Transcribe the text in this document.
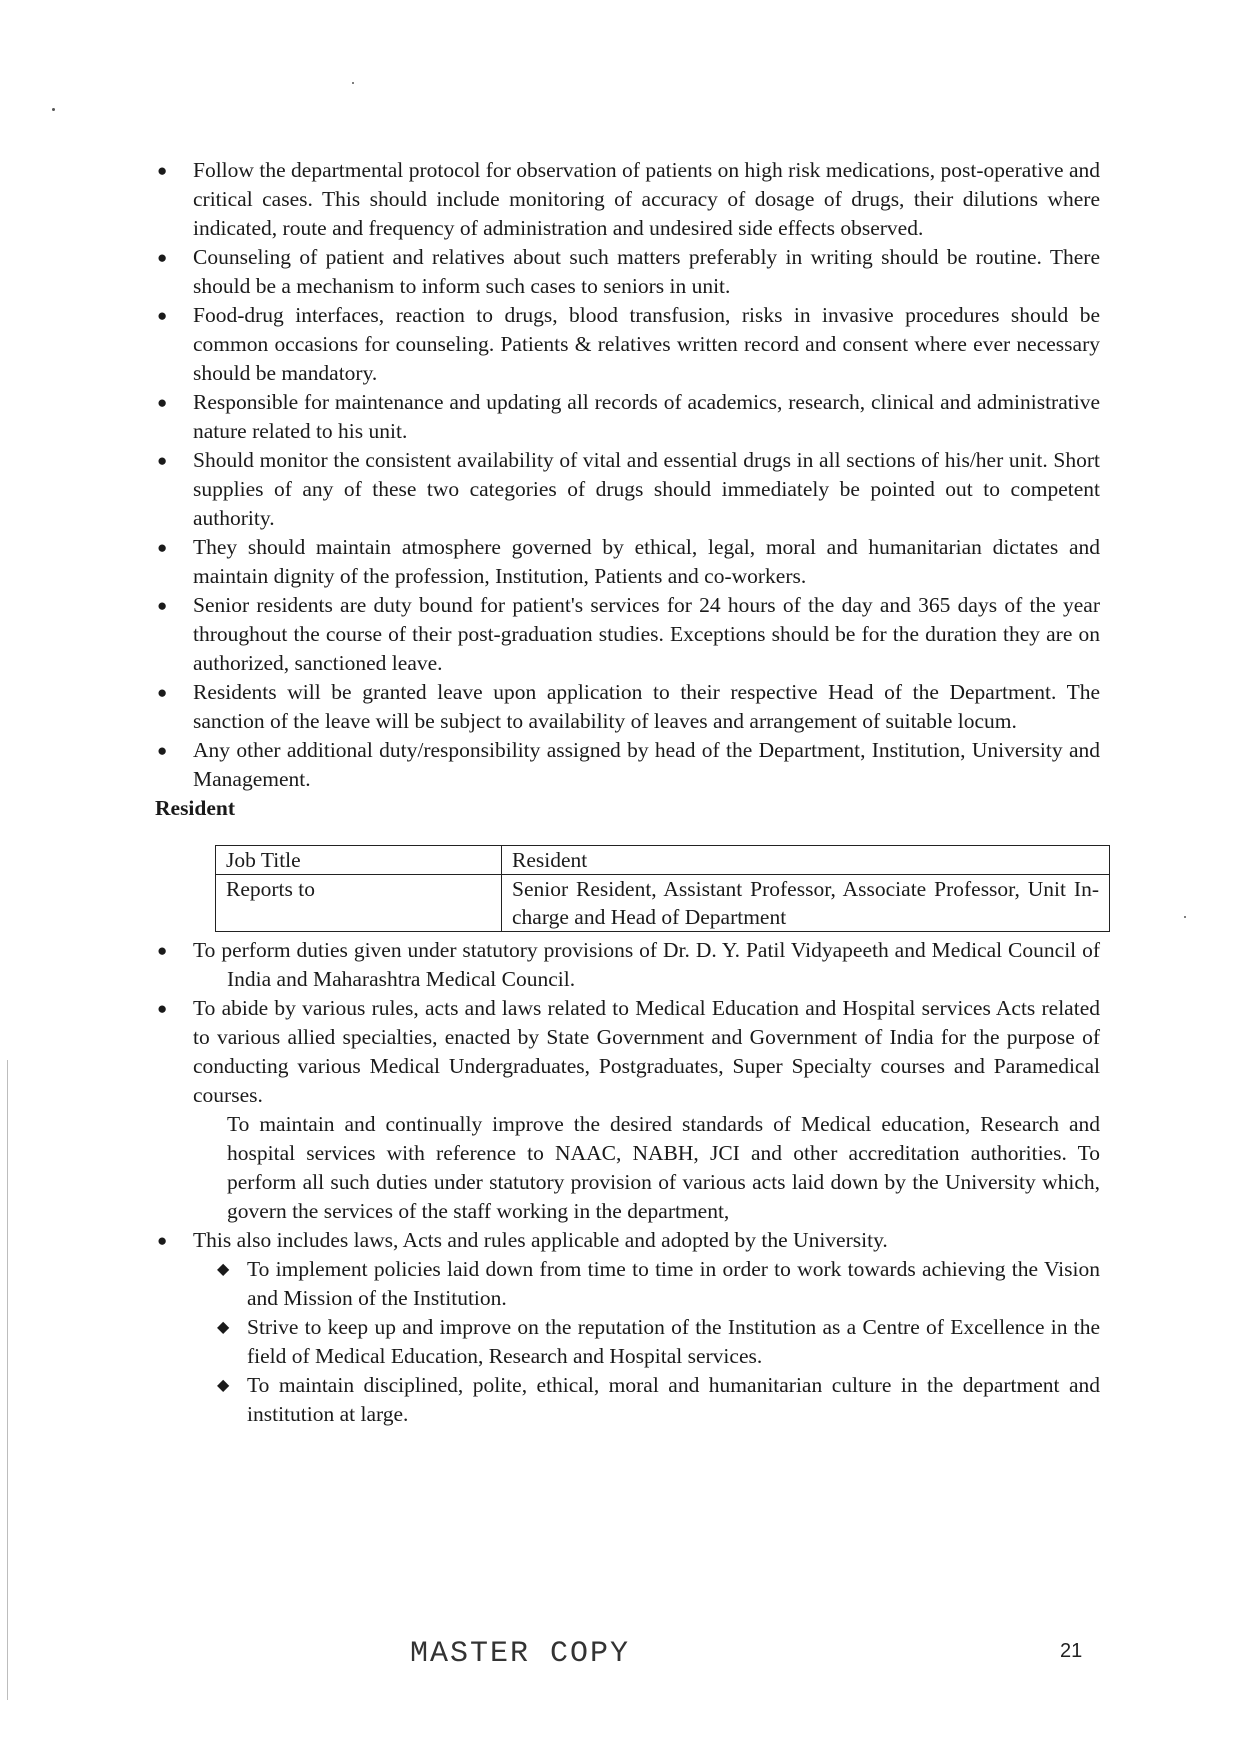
● Follow the departmental protocol for observation of patients on high risk medications, post-operative and critical cases. This should include monitoring of accuracy of dosage of drugs, their dilutions where indicated, route and frequency of administration and undesired side effects observed.
● Counseling of patient and relatives about such matters preferably in writing should be routine. There should be a mechanism to inform such cases to seniors in unit.
● Food-drug interfaces, reaction to drugs, blood transfusion, risks in invasive procedures should be common occasions for counseling. Patients & relatives written record and consent where ever necessary should be mandatory.
● Responsible for maintenance and updating all records of academics, research, clinical and administrative nature related to his unit.
● Should monitor the consistent availability of vital and essential drugs in all sections of his/her unit. Short supplies of any of these two categories of drugs should immediately be pointed out to competent authority.
● They should maintain atmosphere governed by ethical, legal, moral and humanitarian dictates and maintain dignity of the profession, Institution, Patients and co-workers.
● Senior residents are duty bound for patient's services for 24 hours of the day and 365 days of the year throughout the course of their post-graduation studies. Exceptions should be for the duration they are on authorized, sanctioned leave.
● Residents will be granted leave upon application to their respective Head of the Department. The sanction of the leave will be subject to availability of leaves and arrangement of suitable locum.
● Any other additional duty/responsibility assigned by head of the Department, Institution, University and Management.

Resident

Job Title	Resident
Reports to	Senior Resident, Assistant Professor, Associate Professor, Unit In-charge and Head of Department
● To perform duties given under statutory provisions of Dr. D. Y. Patil Vidyapeeth and Medical Council of India and Maharashtra Medical Council.
● To abide by various rules, acts and laws related to Medical Education and Hospital services Acts related to various allied specialties, enacted by State Government and Government of India for the purpose of conducting various Medical Undergraduates, Postgraduates, Super Specialty courses and Paramedical courses.
To maintain and continually improve the desired standards of Medical education, Research and hospital services with reference to NAAC, NABH, JCI and other accreditation authorities. To perform all such duties under statutory provision of various acts laid down by the University which, govern the services of the staff working in the department,
● This also includes laws, Acts and rules applicable and adopted by the University.
◆ To implement policies laid down from time to time in order to work towards achieving the Vision and Mission of the Institution.
◆ Strive to keep up and improve on the reputation of the Institution as a Centre of Excellence in the field of Medical Education, Research and Hospital services.
◆ To maintain disciplined, polite, ethical, moral and humanitarian culture in the department and institution at large.
MASTER COPY	21
